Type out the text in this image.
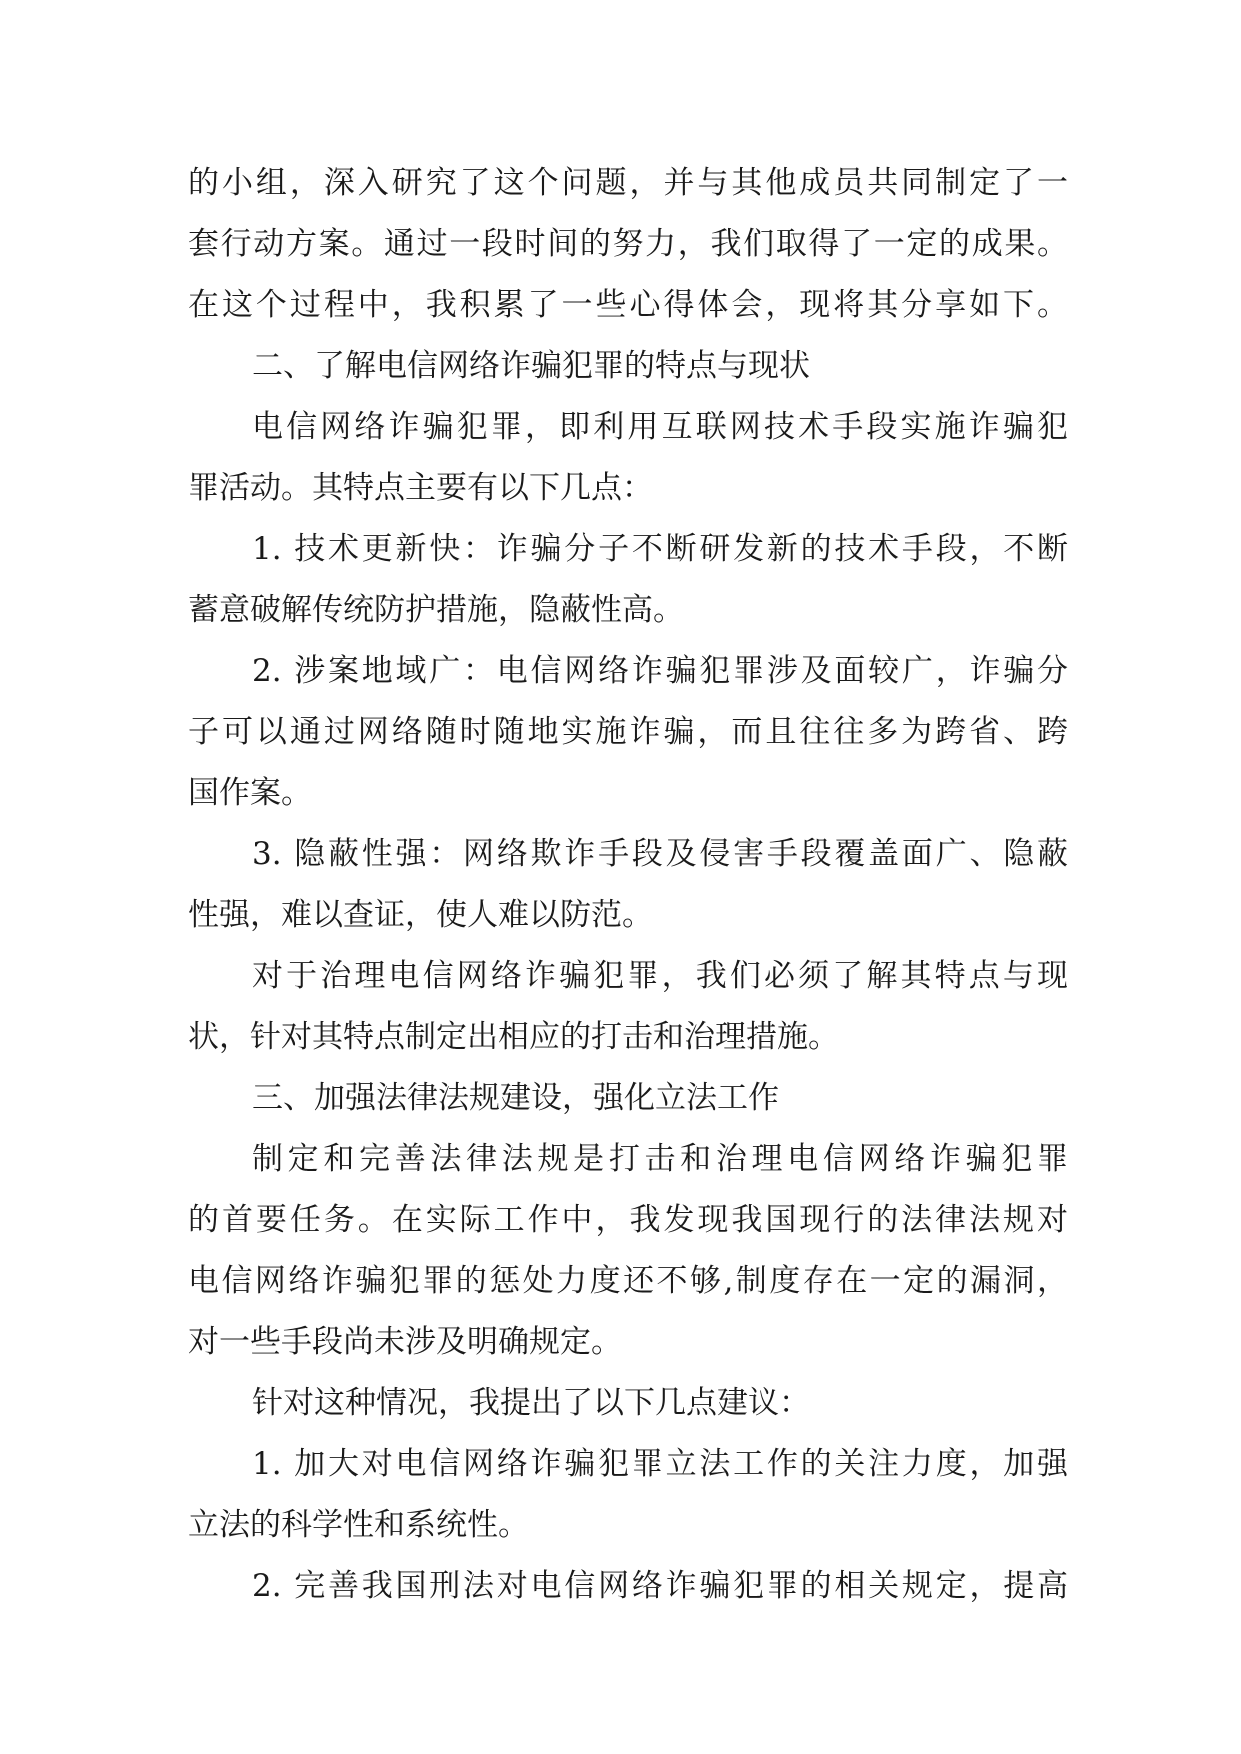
的小组，深入研究了这个问题，并与其他成员共同制定了一
套行动方案。通过一段时间的努力，我们取得了一定的成果。
在这个过程中，我积累了一些心得体会，现将其分享如下。
二、了解电信网络诈骗犯罪的特点与现状
电信网络诈骗犯罪，即利用互联网技术手段实施诈骗犯
罪活动。其特点主要有以下几点：
1. 技术更新快：诈骗分子不断研发新的技术手段，不断
蓄意破解传统防护措施，隐蔽性高。
2. 涉案地域广：电信网络诈骗犯罪涉及面较广，诈骗分
子可以通过网络随时随地实施诈骗，而且往往多为跨省、跨
国作案。
3. 隐蔽性强：网络欺诈手段及侵害手段覆盖面广、隐蔽
性强，难以查证，使人难以防范。
对于治理电信网络诈骗犯罪，我们必须了解其特点与现
状，针对其特点制定出相应的打击和治理措施。
三、加强法律法规建设，强化立法工作
制定和完善法律法规是打击和治理电信网络诈骗犯罪
的首要任务。在实际工作中，我发现我国现行的法律法规对
电信网络诈骗犯罪的惩处力度还不够,制度存在一定的漏洞，
对一些手段尚未涉及明确规定。
针对这种情况，我提出了以下几点建议：
1. 加大对电信网络诈骗犯罪立法工作的关注力度，加强
立法的科学性和系统性。
2. 完善我国刑法对电信网络诈骗犯罪的相关规定，提高
